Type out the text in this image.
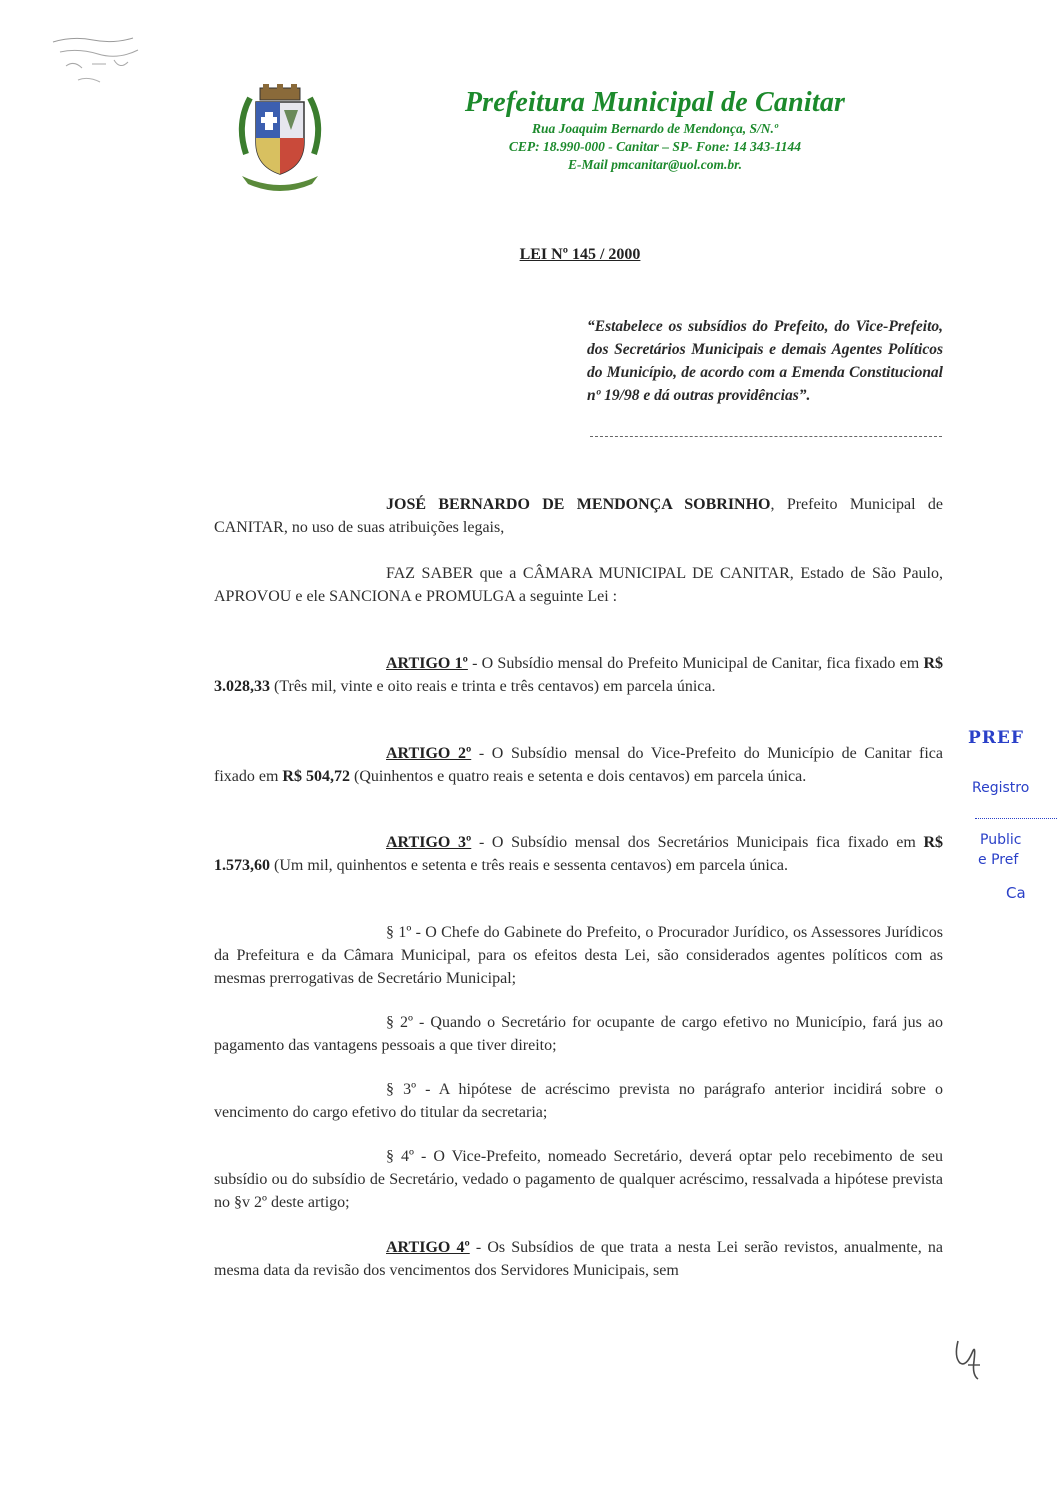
Prefeitura Municipal de Canitar

Rua Joaquim Bernardo de Mendonça, S/N.º

CEP: 18.990-000 - Canitar – SP- Fone: 14 343-1144

E-Mail pmcanitar@uol.com.br.

LEI Nº 145 / 2000
“Estabelece os subsídios do Prefeito, do Vice-Prefeito, dos Secretários Municipais e demais Agentes Políticos do Município, de acordo com a Emenda Constitucional nº 19/98 e dá outras providências”.
JOSÉ BERNARDO DE MENDONÇA SOBRINHO, Prefeito Municipal de CANITAR, no uso de suas atribuições legais,
FAZ SABER que a CÂMARA MUNICIPAL DE CANITAR, Estado de São Paulo, APROVOU e ele SANCIONA e PROMULGA a seguinte Lei :
ARTIGO 1º - O Subsídio mensal do Prefeito Municipal de Canitar, fica fixado em R$ 3.028,33 (Três mil, vinte e oito reais e trinta e três centavos) em parcela única.
ARTIGO 2º - O Subsídio mensal do Vice-Prefeito do Município de Canitar fica fixado em R$ 504,72 (Quinhentos e quatro reais e setenta e dois centavos) em parcela única.
ARTIGO 3º - O Subsídio mensal dos Secretários Municipais fica fixado em R$ 1.573,60 (Um mil, quinhentos e setenta e três reais e sessenta centavos) em parcela única.
§ 1º - O Chefe do Gabinete do Prefeito, o Procurador Jurídico, os Assessores Jurídicos da Prefeitura e da Câmara Municipal, para os efeitos desta Lei, são considerados agentes políticos com as mesmas prerrogativas de Secretário Municipal;
§ 2º - Quando o Secretário for ocupante de cargo efetivo no Município, fará jus ao pagamento das vantagens pessoais a que tiver direito;
§ 3º - A hipótese de acréscimo prevista no parágrafo anterior incidirá sobre o vencimento do cargo efetivo do titular da secretaria;
§ 4º - O Vice-Prefeito, nomeado Secretário, deverá optar pelo recebimento de seu subsídio ou do subsídio de Secretário, vedado o pagamento de qualquer acréscimo, ressalvada a hipótese prevista no §v 2º deste artigo;
ARTIGO 4º - Os Subsídios de que trata a nesta Lei serão revistos, anualmente, na mesma data da revisão dos vencimentos dos Servidores Municipais, sem
PREF
Registro
Public
e Pref
Ca
